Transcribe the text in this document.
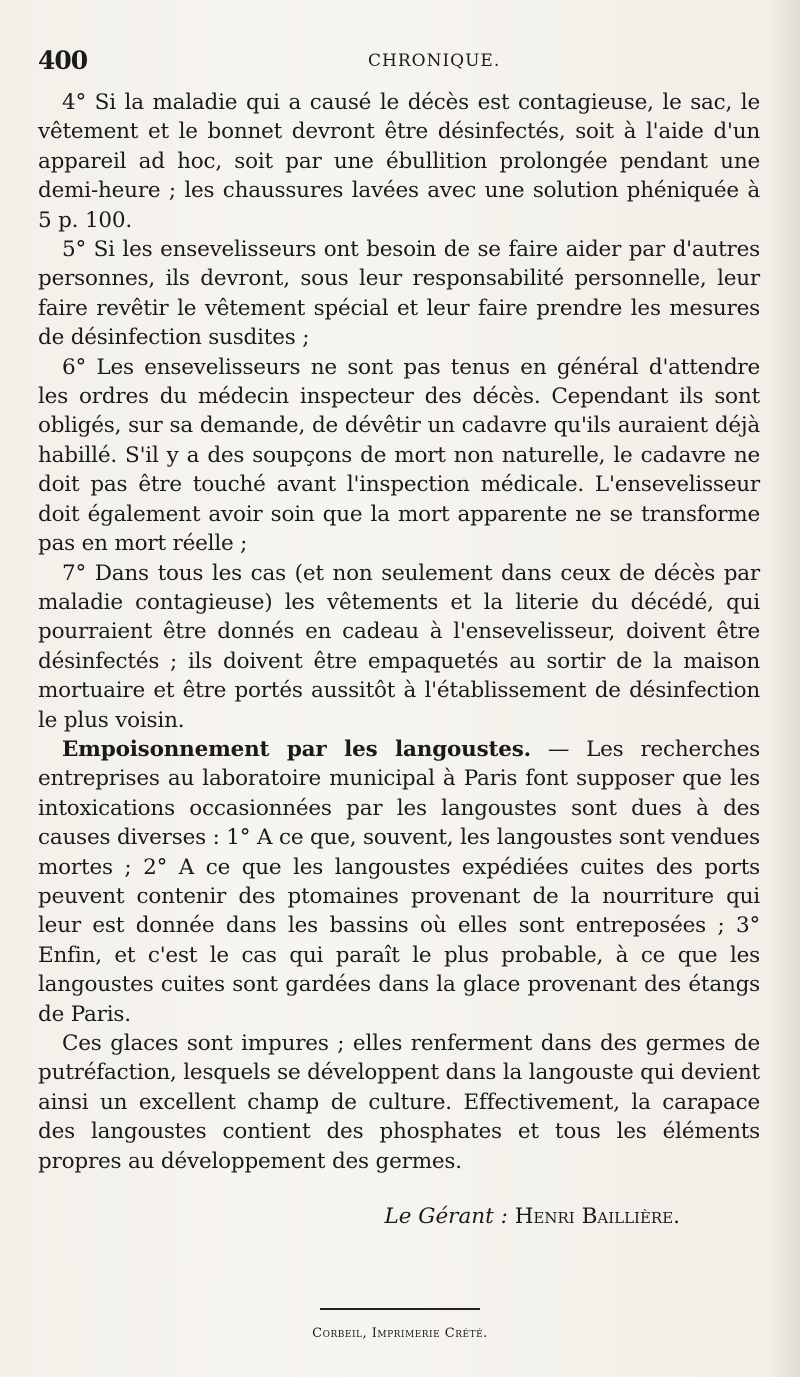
400	CHRONIQUE.

4° Si la maladie qui a causé le décès est contagieuse, le sac, le vêtement et le bonnet devront être désinfectés, soit à l'aide d'un appareil ad hoc, soit par une ébullition prolongée pendant une demi-heure ; les chaussures lavées avec une solution phéniquée à 5 p. 100.

5° Si les ensevelisseurs ont besoin de se faire aider par d'autres personnes, ils devront, sous leur responsabilité personnelle, leur faire revêtir le vêtement spécial et leur faire prendre les mesures de désinfection susdites ;

6° Les ensevelisseurs ne sont pas tenus en général d'attendre les ordres du médecin inspecteur des décès. Cependant ils sont obligés, sur sa demande, de dévêtir un cadavre qu'ils auraient déjà habillé. S'il y a des soupçons de mort non naturelle, le cadavre ne doit pas être touché avant l'inspection médicale. L'ensevelisseur doit également avoir soin que la mort apparente ne se transforme pas en mort réelle ;

7° Dans tous les cas (et non seulement dans ceux de décès par maladie contagieuse) les vêtements et la literie du décédé, qui pourraient être donnés en cadeau à l'ensevelisseur, doivent être désinfectés ; ils doivent être empaquetés au sortir de la maison mortuaire et être portés aussitôt à l'établissement de désinfection le plus voisin.

Empoisonnement par les langoustes. — Les recherches entreprises au laboratoire municipal à Paris font supposer que les intoxications occasionnées par les langoustes sont dues à des causes diverses : 1° A ce que, souvent, les langoustes sont vendues mortes ; 2° A ce que les langoustes expédiées cuites des ports peuvent contenir des ptomaines provenant de la nourriture qui leur est donnée dans les bassins où elles sont entreposées ; 3° Enfin, et c'est le cas qui paraît le plus probable, à ce que les langoustes cuites sont gardées dans la glace provenant des étangs de Paris.

Ces glaces sont impures ; elles renferment dans des germes de putréfaction, lesquels se développent dans la langouste qui devient ainsi un excellent champ de culture. Effectivement, la carapace des langoustes contient des phosphates et tous les éléments propres au développement des germes.

Le Gérant : Henri Baillière.
Corbeil, Imprimerie Crété.
